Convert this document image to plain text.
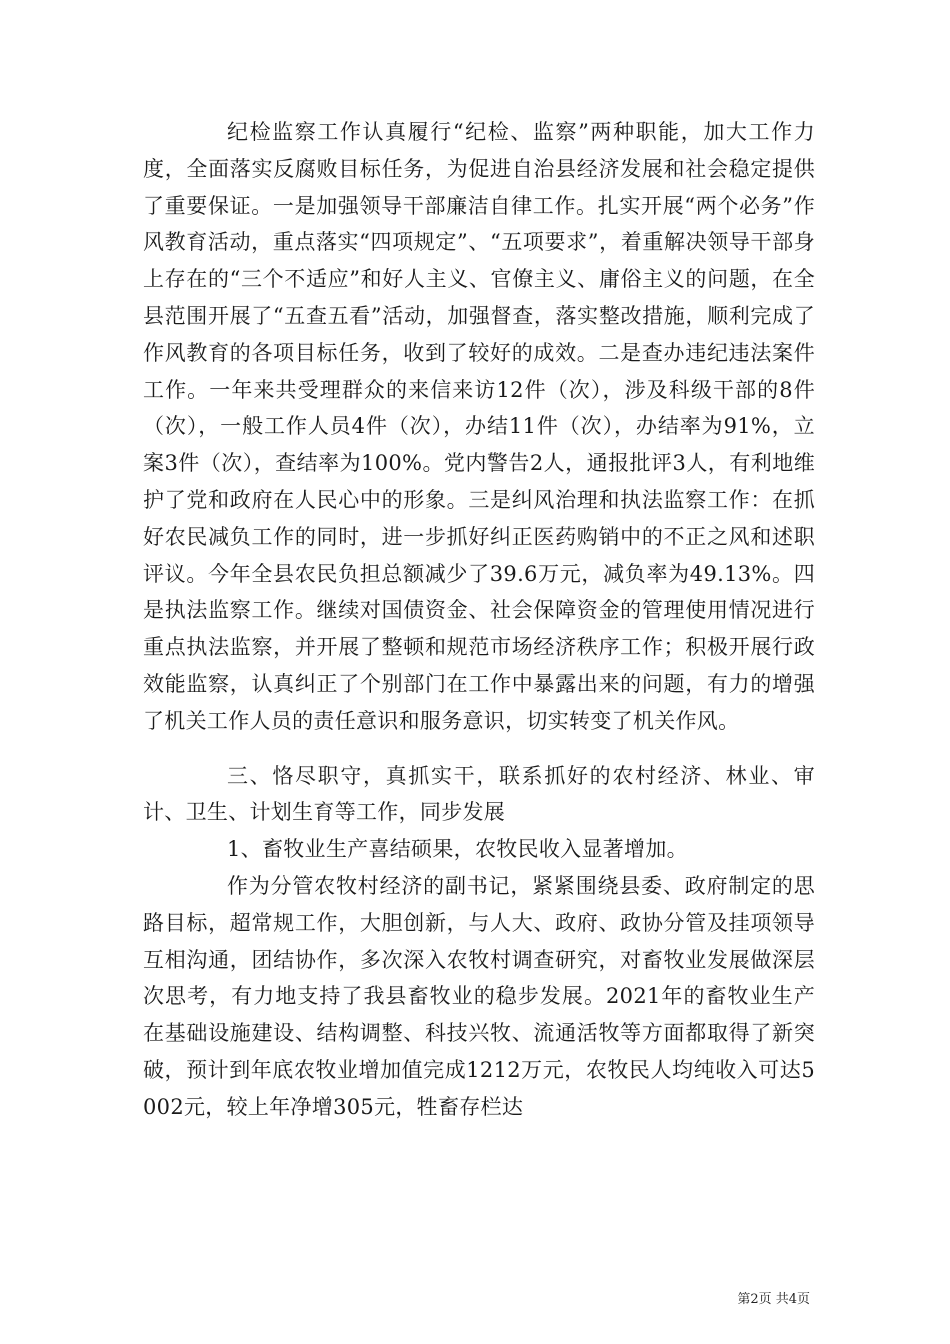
纪检监察工作认真履行“纪检、监察”两种职能，加大工作力度，全面落实反腐败目标任务，为促进自治县经济发展和社会稳定提供了重要保证。一是加强领导干部廉洁自律工作。扎实开展“两个必务”作风教育活动，重点落实“四项规定”、“五项要求”，着重解决领导干部身上存在的“三个不适应”和好人主义、官僚主义、庸俗主义的问题，在全县范围开展了“五查五看”活动，加强督查，落实整改措施，顺利完成了作风教育的各项目标任务，收到了较好的成效。二是查办违纪违法案件工作。一年来共受理群众的来信来访12件（次），涉及科级干部的8件（次），一般工作人员4件（次），办结11件（次），办结率为91%，立案3件（次），查结率为100%。党内警告2人，通报批评3人，有利地维护了党和政府在人民心中的形象。三是纠风治理和执法监察工作：在抓好农民减负工作的同时，进一步抓好纠正医药购销中的不正之风和述职评议。今年全县农民负担总额减少了39.6万元，减负率为49.13%。四是执法监察工作。继续对国债资金、社会保障资金的管理使用情况进行重点执法监察，并开展了整顿和规范市场经济秩序工作；积极开展行政效能监察，认真纠正了个别部门在工作中暴露出来的问题，有力的增强了机关工作人员的责任意识和服务意识，切实转变了机关作风。

三、恪尽职守，真抓实干，联系抓好的农村经济、林业、审计、卫生、计划生育等工作，同步发展

1、畜牧业生产喜结硕果，农牧民收入显著增加。

作为分管农牧村经济的副书记，紧紧围绕县委、政府制定的思路目标，超常规工作，大胆创新，与人大、政府、政协分管及挂项领导互相沟通，团结协作，多次深入农牧村调查研究，对畜牧业发展做深层次思考，有力地支持了我县畜牧业的稳步发展。2021年的畜牧业生产在基础设施建设、结构调整、科技兴牧、流通活牧等方面都取得了新突破，预计到年底农牧业增加值完成1212万元，农牧民人均纯收入可达5002元，较上年净增305元，牲畜存栏达

第2页 共4页
